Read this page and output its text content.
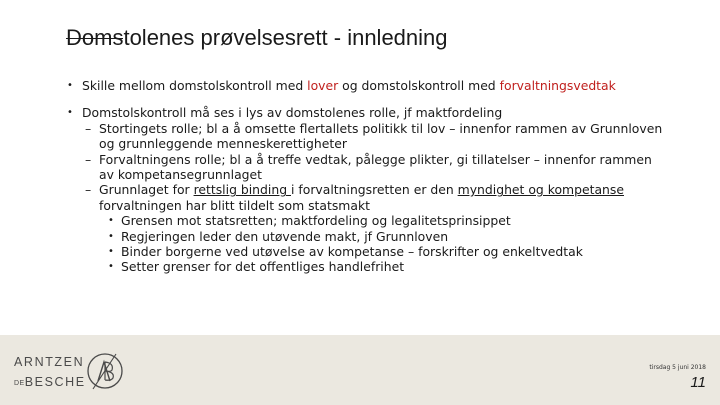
Domstolenes prøvelsesrett - innledning

• Skille mellom domstolskontroll med lover og domstolskontroll med forvaltningsvedtak

• Domstolskontroll må ses i lys av domstolenes rolle, jf maktfordeling

– Stortingets rolle; bl a å omsette flertallets politikk til lov – innenfor rammen av Grunnloven og grunnleggende menneskerettigheter

– Forvaltningens rolle; bl a å treffe vedtak, pålegge plikter, gi tillatelser – innenfor rammen av kompetansegrunnlaget

– Grunnlaget for rettslig binding i forvaltningsretten er den myndighet og kompetanse forvaltningen har blitt tildelt som statsmakt

• Grensen mot statsretten; maktfordeling og legalitetsprinsippet

• Regjeringen leder den utøvende makt, jf Grunnloven

• Binder borgerne ved utøvelse av kompetanse – forskrifter og enkeltvedtak

• Setter grenser for det offentliges handlefrihet

ARNTZEN
DEBESCHE
tirsdag 5 juni 2018
11
